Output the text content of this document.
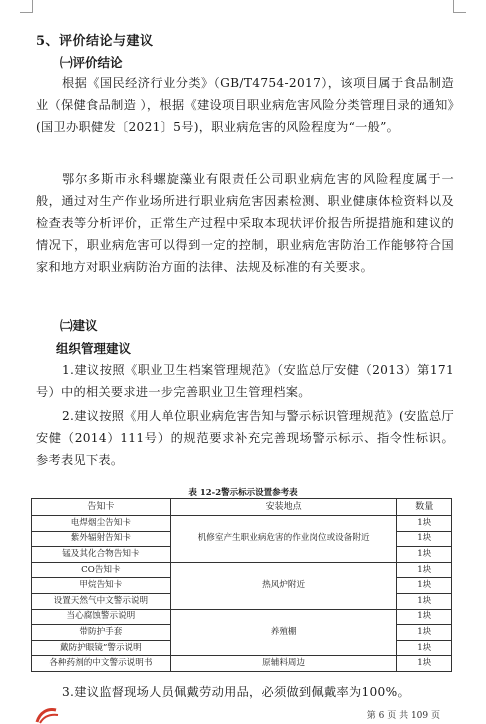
5、评价结论与建议
㈠评价结论
根据《国民经济行业分类》（GB/T4754-2017），该项目属于食品制造业（保健食品制造 ），根据《建设项目职业病危害风险分类管理目录的通知》(国卫办职健发〔2021〕5号)，职业病危害的风险程度为“一般”。
鄂尔多斯市永科螺旋藻业有限责任公司职业病危害的风险程度属于一般，通过对生产作业场所进行职业病危害因素检测、职业健康体检资料以及检查表等分析评价，正常生产过程中采取本现状评价报告所提措施和建议的情况下，职业病危害可以得到一定的控制，职业病危害防治工作能够符合国家和地方对职业病防治方面的法律、法规及标准的有关要求。
㈡建议
组织管理建议
1.建议按照《职业卫生档案管理规范》（安监总厅安健（2013）第171号）中的相关要求进一步完善职业卫生管理档案。
2.建议按照《用人单位职业病危害告知与警示标识管理规范》(安监总厅安健（2014）111号）的规范要求补充完善现场警示标示、指令性标识。参考表见下表。
表 12-2警示标示设置参考表
告知卡	安装地点	数量
电焊烟尘告知卡	机修室产生职业病危害的作业岗位或设备附近	1块
紫外辐射告知卡		1块
锰及其化合物告知卡		1块
CO告知卡	热风炉附近	1块
甲烷告知卡		1块
设置天然气中文警示说明		1块
当心腐蚀警示说明	养殖棚	1块
带防护手套		1块
戴防护眼镜”警示说明		1块
各种药剂的中文警示说明书	原辅料周边	1块
3.建议监督现场人员佩戴劳动用品，必须做到佩戴率为100%。
第 6 页 共 109 页
